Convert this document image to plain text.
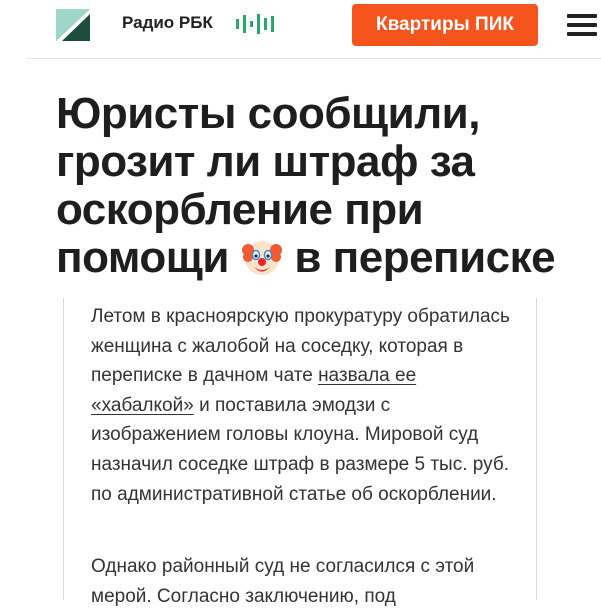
Радио РБК	Квартиры ПИК
Юристы сообщили, грозит ли штраф за оскорбление при помощи в переписке

Летом в красноярскую прокуратуру обратилась женщина с жалобой на соседку, которая в переписке в дачном чате назвала ее «хабалкой» и поставила эмодзи с изображением головы клоуна. Мировой суд назначил соседке штраф в размере 5 тыс. руб. по административной статье об оскорблении.

Однако районный суд не согласился с этой мерой. Согласно заключению, под
